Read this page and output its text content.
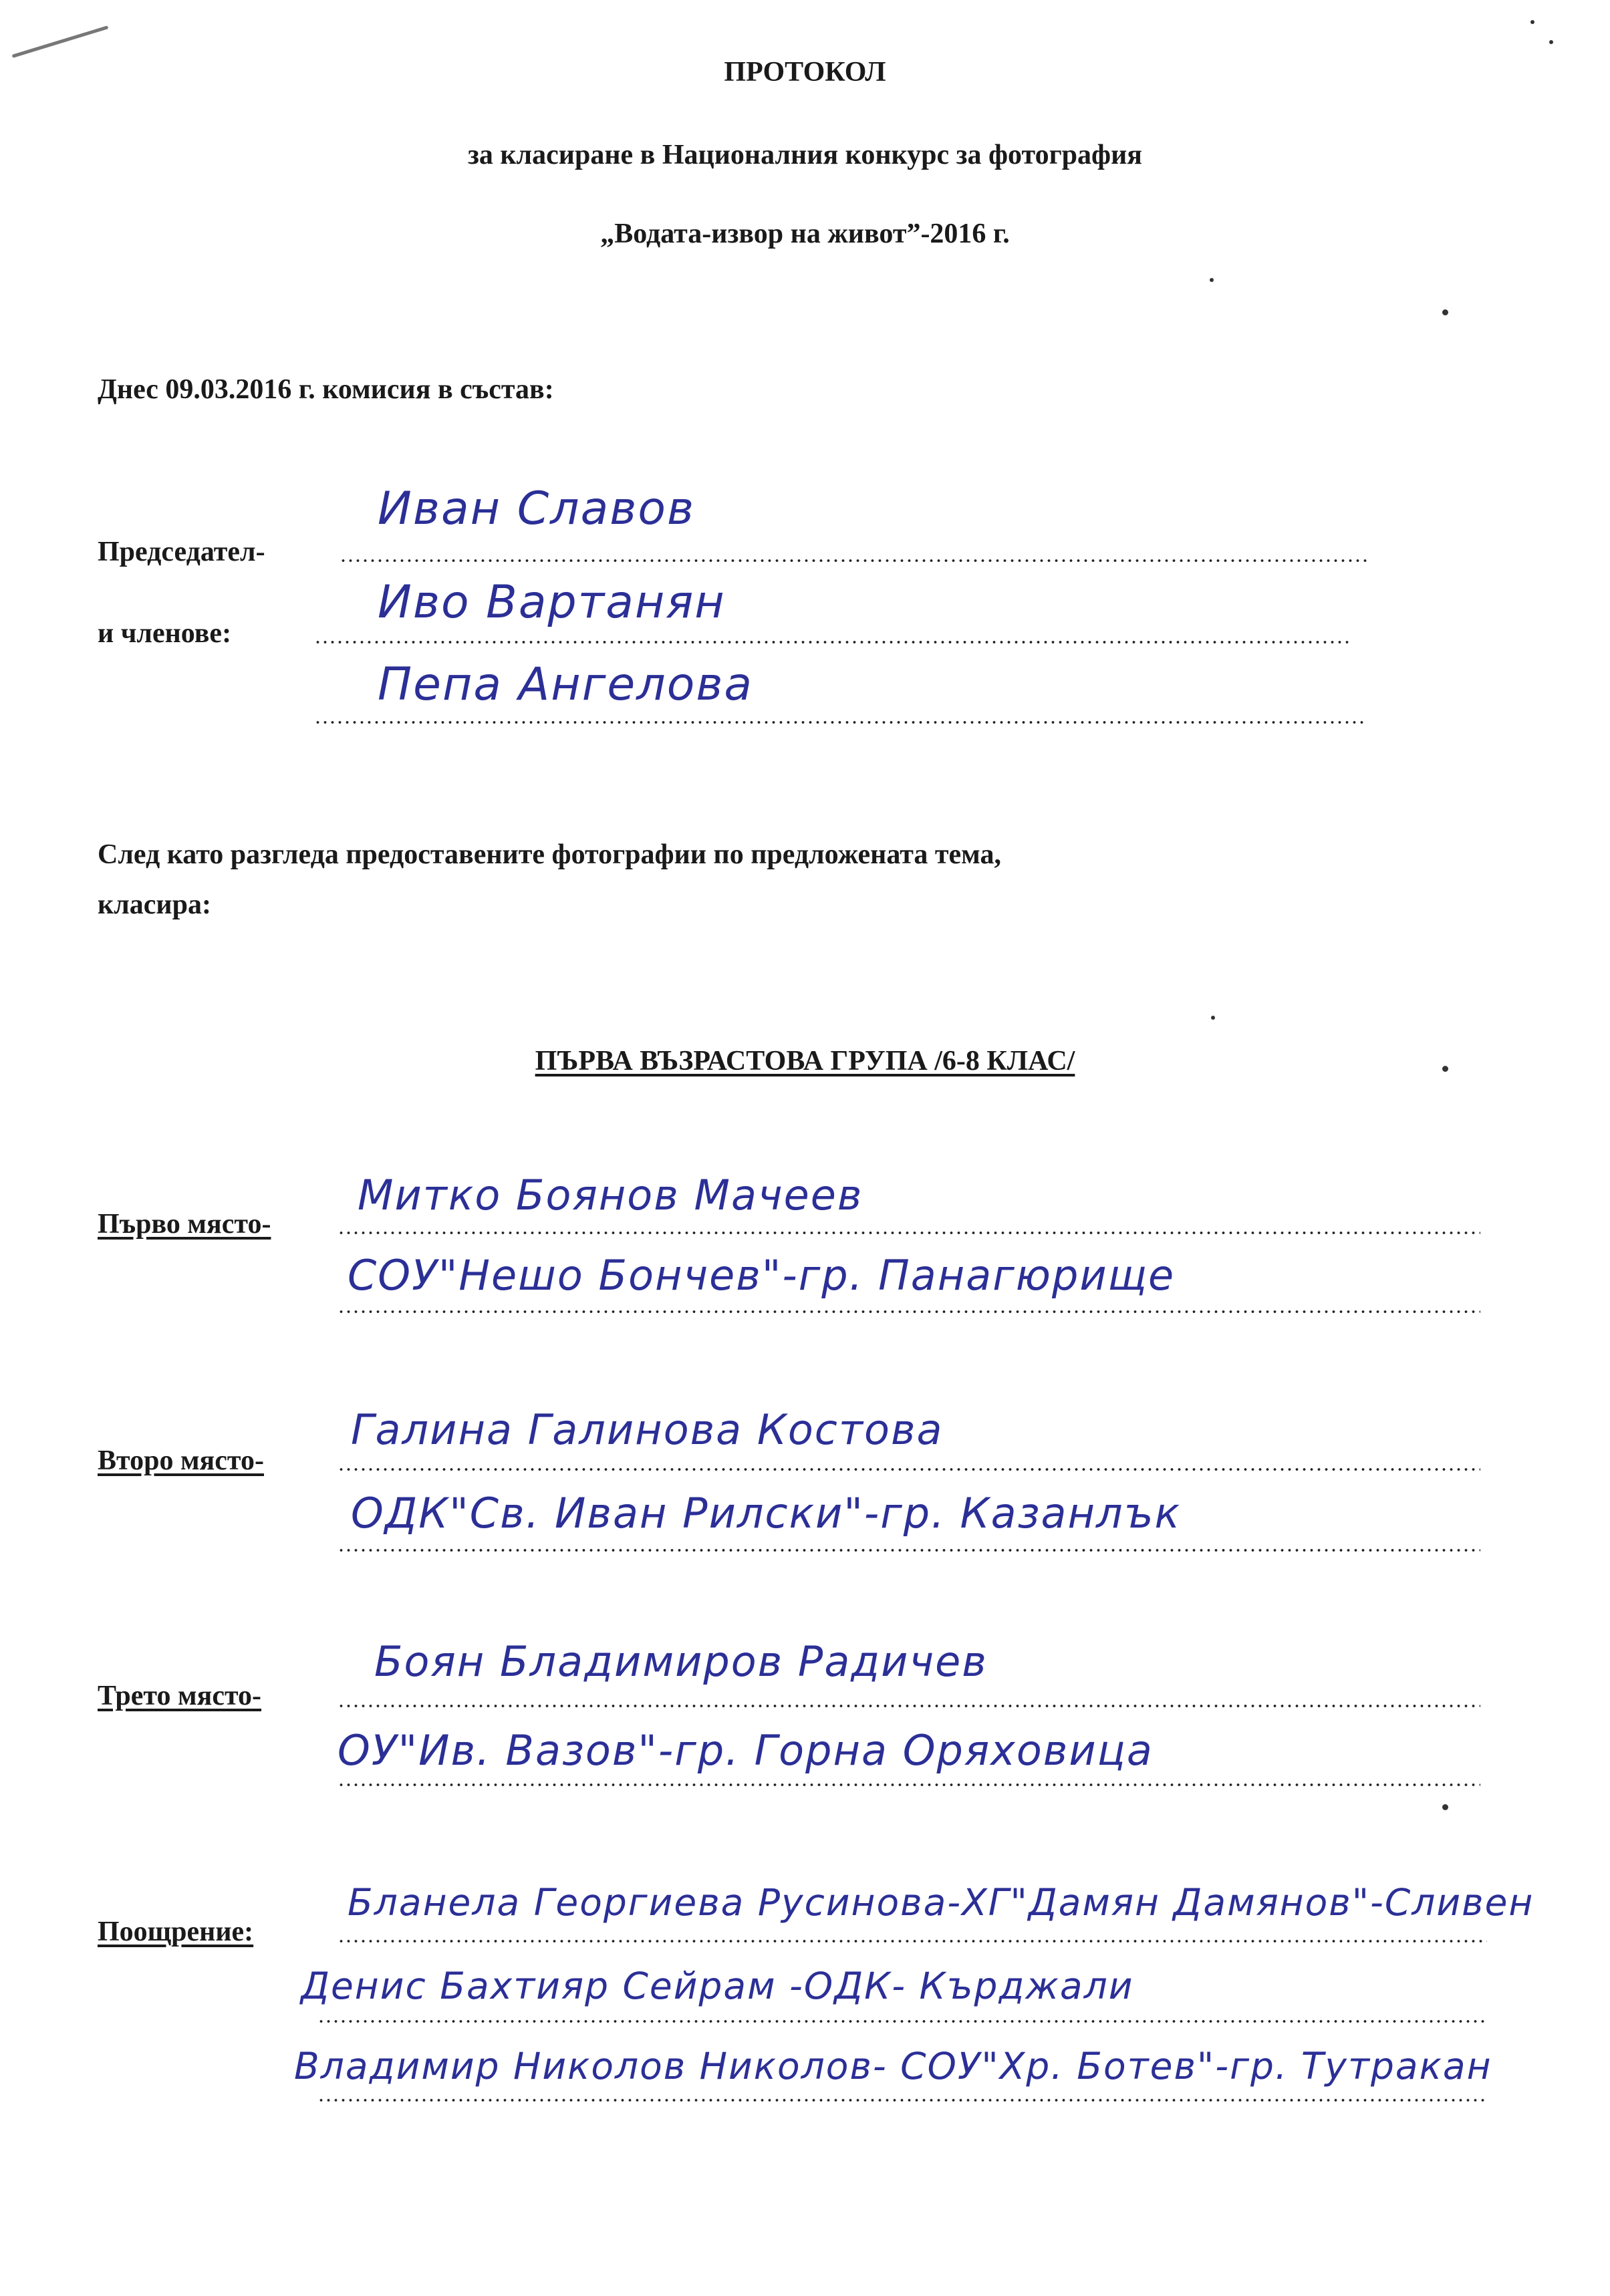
ПРОТОКОЛ
за класиране в Националния конкурс за фотография
„Водата-извор на живот”-2016 г.
Днес 09.03.2016 г. комисия в състав:
Председател-
Иван Славов
и членове:
Иво Вартанян
Пепа Ангелова
След като разгледа предоставените фотографии по предложената тема,
класира:
ПЪРВА ВЪЗРАСТОВА ГРУПА /6-8 КЛАС/
Първо място-
Митко Боянов Мачеев
СОУ"Нешо Бончев"-гр. Панагюрище
Второ място-
Галина Галинова Костова
ОДК"Св. Иван Рилски"-гр. Казанлък
Трето място-
Боян Бладимиров Радичев
ОУ"Ив. Вазов"-гр. Горна Оряховица
Поощрение:
Бланела Георгиева Русинова-ХГ"Дамян Дамянов"-Сливен
Денис Бахтияр Сейрам -ОДК- Кърджали
Владимир Николов Николов- СОУ"Хр. Ботев"-гр. Тутракан
